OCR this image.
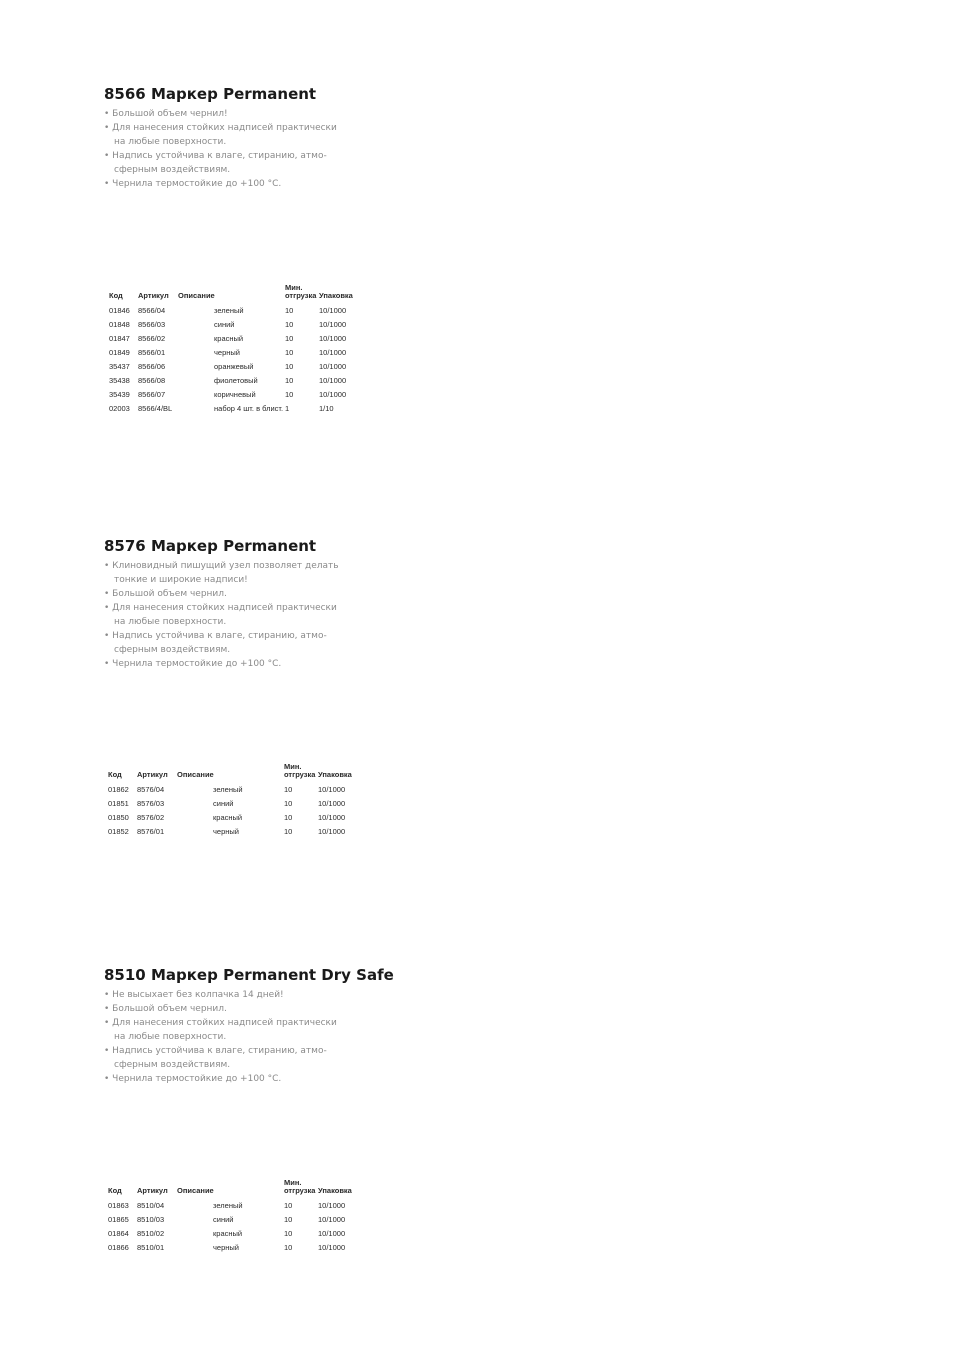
8566 Маркер Permanent
• Большой объем чернил!
• Для нанесения стойких надписей практически
на любые поверхности.
• Надпись устойчива к влаге, стиранию, атмо-
сферным воздействиям.
• Чернила термостойкие до +100 °С.
Код	Артикул	Описание	Мин.
отгрузка	Упаковка
01846	8566/04	зеленый	10	10/1000
01848	8566/03	синий	10	10/1000
01847	8566/02	красный	10	10/1000
01849	8566/01	черный	10	10/1000
35437	8566/06	оранжевый	10	10/1000
35438	8566/08	фиолетовый	10	10/1000
35439	8566/07	коричневый	10	10/1000
02003	8566/4/BL	набор 4 шт. в блист.	1	1/10
8576 Маркер Permanent
• Клиновидный пишущий узел позволяет делать
тонкие и широкие надписи!
• Большой объем чернил.
• Для нанесения стойких надписей практически
на любые поверхности.
• Надпись устойчива к влаге, стиранию, атмо-
сферным воздействиям.
• Чернила термостойкие до +100 °С.
Код	Артикул	Описание	Мин.
отгрузка	Упаковка
01862	8576/04	зеленый	10	10/1000
01851	8576/03	синий	10	10/1000
01850	8576/02	красный	10	10/1000
01852	8576/01	черный	10	10/1000
8510 Маркер Permanent Dry Safe
• Не высыхает без колпачка 14 дней!
• Большой объем чернил.
• Для нанесения стойких надписей практически
на любые поверхности.
• Надпись устойчива к влаге, стиранию, атмо-
сферным воздействиям.
• Чернила термостойкие до +100 °С.
Код	Артикул	Описание	Мин.
отгрузка	Упаковка
01863	8510/04	зеленый	10	10/1000
01865	8510/03	синий	10	10/1000
01864	8510/02	красный	10	10/1000
01866	8510/01	черный	10	10/1000
